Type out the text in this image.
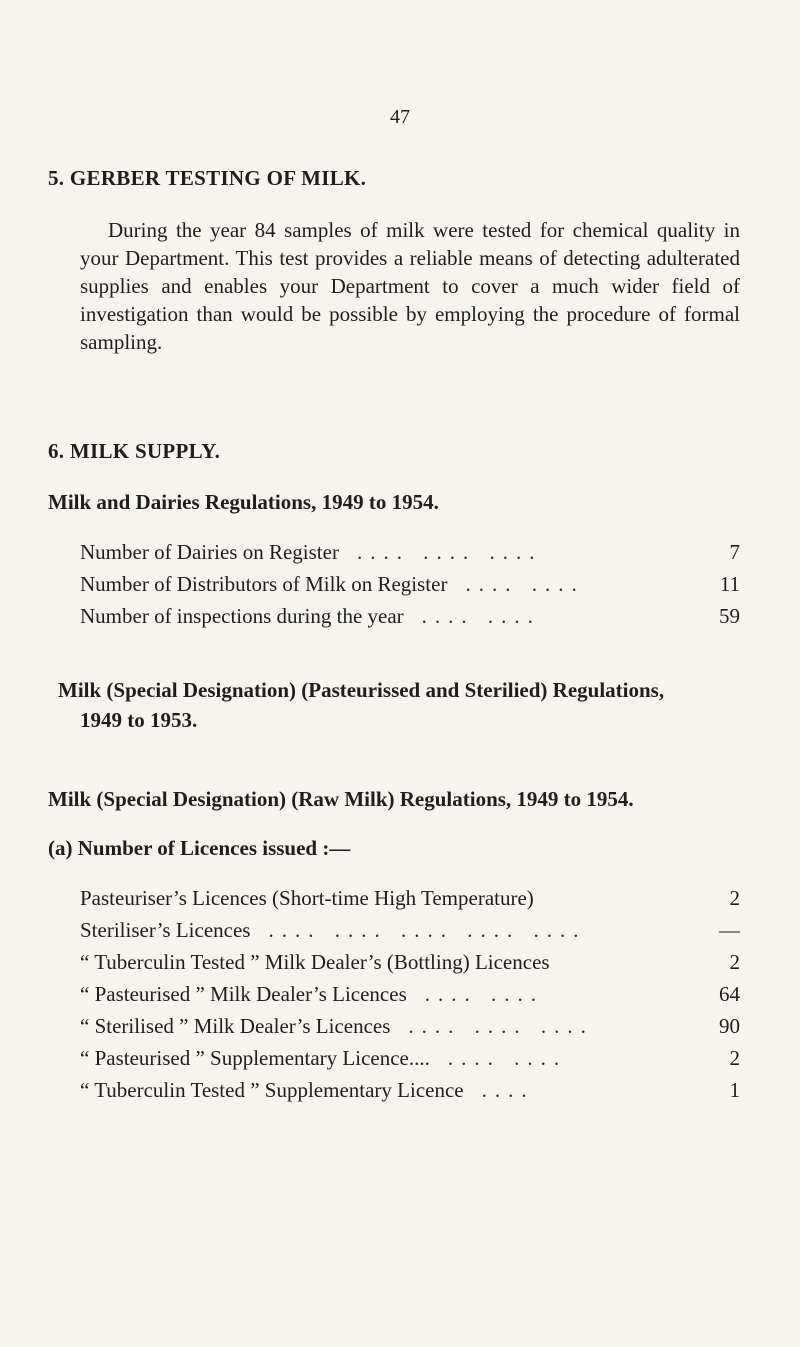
47
5. GERBER TESTING OF MILK.

During the year 84 samples of milk were tested for chemical quality in your Department. This test provides a reliable means of detecting adulterated supplies and enables your Department to cover a much wider field of investigation than would be possible by employing the procedure of formal sampling.

6. MILK SUPPLY.
Milk and Dairies Regulations, 1949 to 1954.
Number of Dairies on Register .... .... ....	7
Number of Distributors of Milk on Register .... ....	11
Number of inspections during the year .... ....	59
Milk (Special Designation) (Pasteurissed and Sterilied) Regulations,
1949 to 1953.
Milk (Special Designation) (Raw Milk) Regulations, 1949 to 1954.
(a) Number of Licences issued :—
Pasteuriser’s Licences (Short-time High Temperature)	2
Steriliser’s Licences .... .... .... .... ....	—
“ Tuberculin Tested ” Milk Dealer’s (Bottling) Licences	2
“ Pasteurised ” Milk Dealer’s Licences .... ....	64
“ Sterilised ” Milk Dealer’s Licences .... .... ....	90
“ Pasteurised ” Supplementary Licence.... .... ....	2
“ Tuberculin Tested ” Supplementary Licence ....	1
